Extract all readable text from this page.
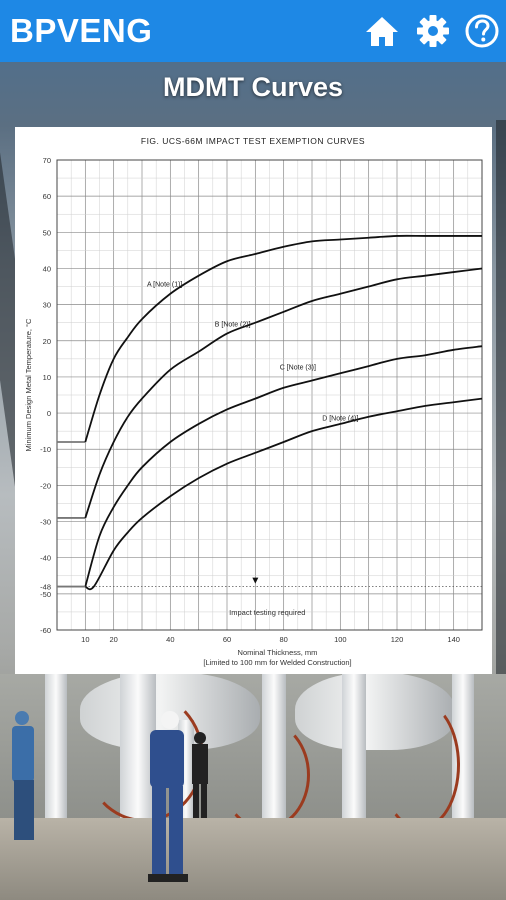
BPVENG
MDMT Curves
FIG. UCS-66M IMPACT TEST EXEMPTION CURVES
70
60
50
40
30
20
10
0
-10
-20
-30
-40
-48
-50
-60
10	20	40	60	80	100	120	140
A [Note (1)]
B [Note (2)]
C [Note (3)]
D [Note (4)]
Minimum Design Metal Temperature, °C
Nominal Thickness, mm
[Limited to 100 mm for Welded Construction]
Impact testing required
